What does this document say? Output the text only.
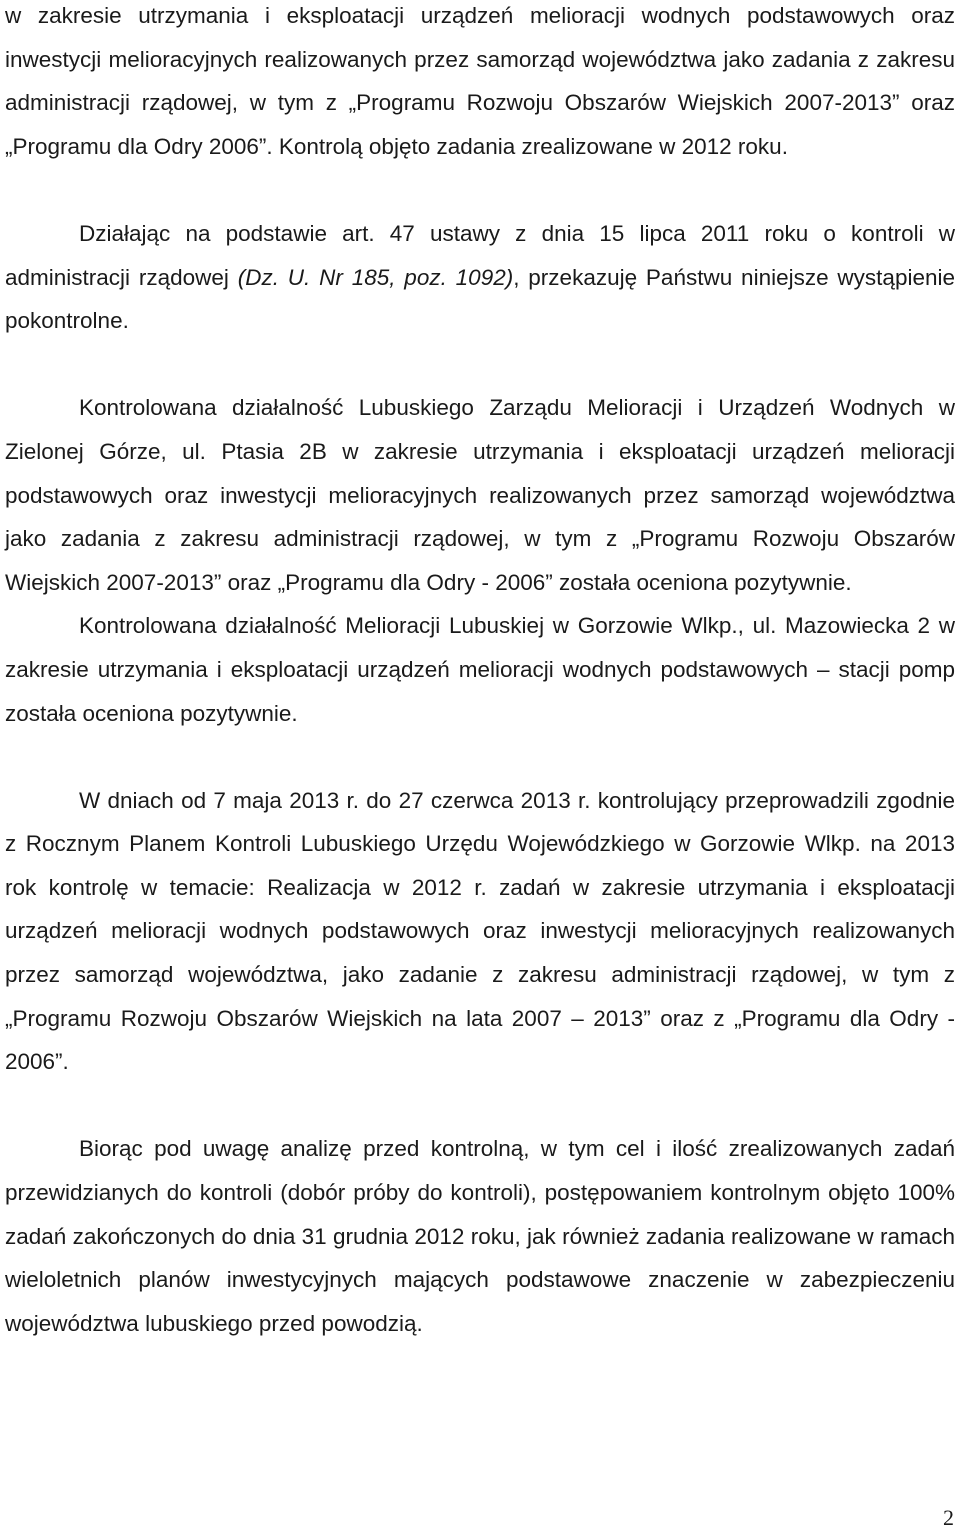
w zakresie utrzymania i eksploatacji urządzeń melioracji wodnych podstawowych oraz inwestycji melioracyjnych realizowanych przez samorząd województwa jako zadania z zakresu administracji rządowej, w tym z „Programu Rozwoju Obszarów Wiejskich 2007-2013” oraz „Programu dla Odry 2006”. Kontrolą objęto zadania zrealizowane w 2012 roku.

Działając na podstawie art. 47 ustawy z dnia 15 lipca 2011 roku o kontroli w administracji rządowej (Dz. U. Nr 185, poz. 1092), przekazuję Państwu niniejsze wystąpienie pokontrolne.

Kontrolowana działalność Lubuskiego Zarządu Melioracji i Urządzeń Wodnych w Zielonej Górze, ul. Ptasia 2B w zakresie utrzymania i eksploatacji urządzeń melioracji podstawowych oraz inwestycji melioracyjnych realizowanych przez samorząd województwa jako zadania z zakresu administracji rządowej, w tym z „Programu Rozwoju Obszarów Wiejskich 2007-2013” oraz „Programu dla Odry - 2006” została oceniona pozytywnie.

Kontrolowana działalność Melioracji Lubuskiej w Gorzowie Wlkp., ul. Mazowiecka 2 w zakresie utrzymania i eksploatacji urządzeń melioracji wodnych podstawowych – stacji pomp została oceniona pozytywnie.

W dniach od 7 maja 2013 r. do 27 czerwca 2013 r. kontrolujący przeprowadzili zgodnie z Rocznym Planem Kontroli Lubuskiego Urzędu Wojewódzkiego w Gorzowie Wlkp. na 2013 rok kontrolę w temacie: Realizacja w 2012 r. zadań w zakresie utrzymania i eksploatacji urządzeń melioracji wodnych podstawowych oraz inwestycji melioracyjnych realizowanych przez samorząd województwa, jako zadanie z zakresu administracji rządowej, w tym z „Programu Rozwoju Obszarów Wiejskich na lata 2007 – 2013” oraz z „Programu dla Odry - 2006”.

Biorąc pod uwagę analizę przed kontrolną, w tym cel i ilość zrealizowanych zadań przewidzianych do kontroli (dobór próby do kontroli), postępowaniem kontrolnym objęto 100% zadań zakończonych do dnia 31 grudnia 2012 roku, jak również zadania realizowane w ramach wieloletnich planów inwestycyjnych mających podstawowe znaczenie w zabezpieczeniu województwa lubuskiego przed powodzią.

2
